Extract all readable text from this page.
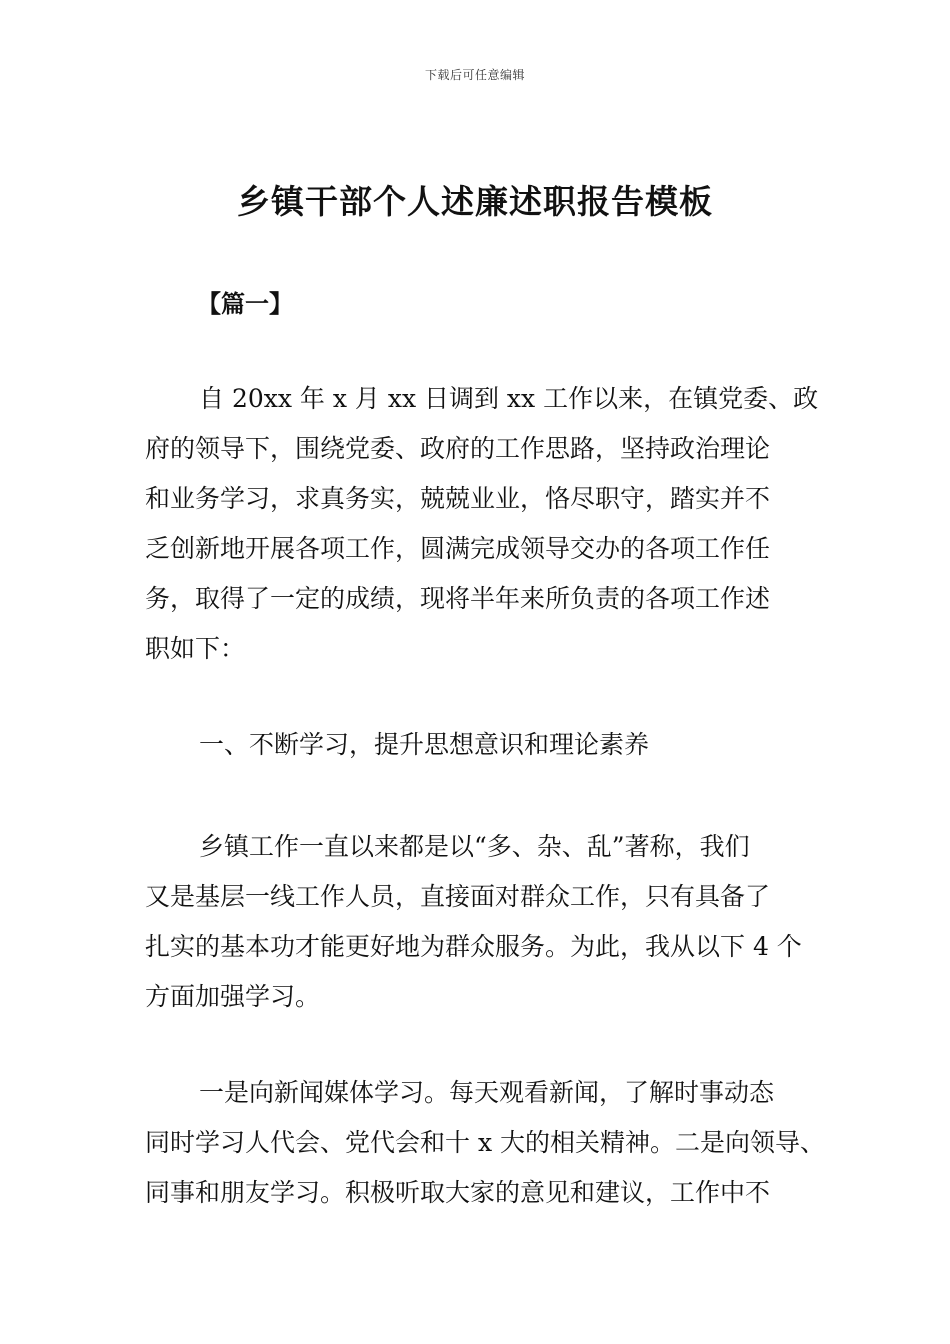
下载后可任意编辑
乡镇干部个人述廉述职报告模板
【篇一】
自 20xx 年 x 月 xx 日调到 xx 工作以来，在镇党委、政
府的领导下，围绕党委、政府的工作思路，坚持政治理论
和业务学习，求真务实，兢兢业业，恪尽职守，踏实并不
乏创新地开展各项工作，圆满完成领导交办的各项工作任
务，取得了一定的成绩，现将半年来所负责的各项工作述
职如下：
一、不断学习，提升思想意识和理论素养
乡镇工作一直以来都是以“多、杂、乱”著称，我们
又是基层一线工作人员，直接面对群众工作，只有具备了
扎实的基本功才能更好地为群众服务。为此，我从以下 4 个
方面加强学习。
一是向新闻媒体学习。每天观看新闻，了解时事动态
同时学习人代会、党代会和十 x 大的相关精神。二是向领导、
同事和朋友学习。积极听取大家的意见和建议，工作中不
